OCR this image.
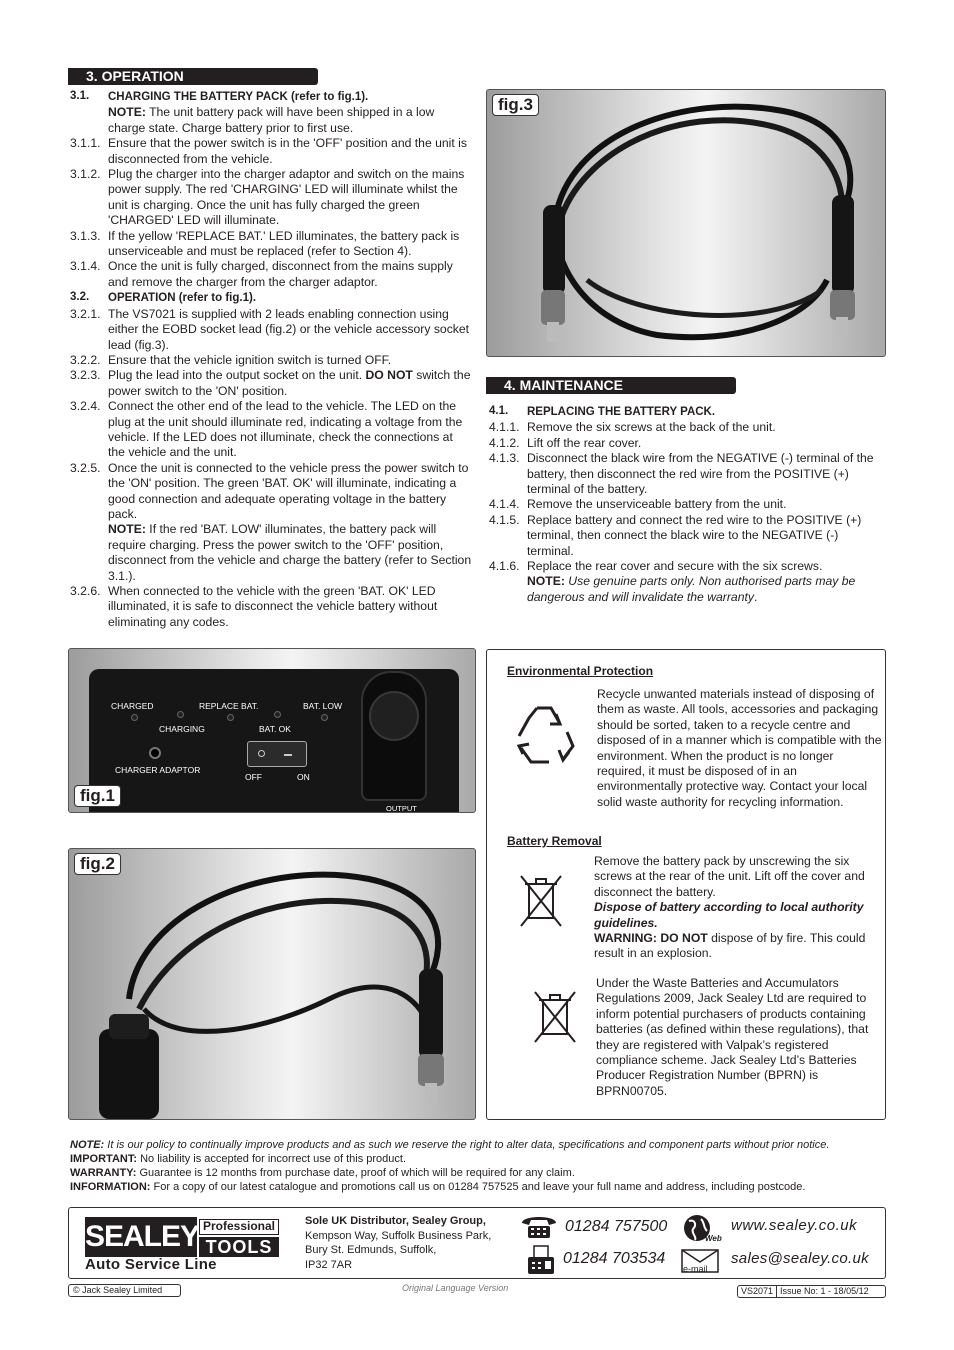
3. OPERATION
3.1. CHARGING THE BATTERY PACK (refer to fig.1).
NOTE: The unit battery pack will have been shipped in a low charge state. Charge battery prior to first use.
3.1.1. Ensure that the power switch is in the 'OFF' position and the unit is disconnected from the vehicle.
3.1.2. Plug the charger into the charger adaptor and switch on the mains power supply. The red 'CHARGING' LED will illuminate whilst the unit is charging. Once the unit has fully charged the green 'CHARGED' LED will illuminate.
3.1.3. If the yellow 'REPLACE BAT.' LED illuminates, the battery pack is unserviceable and must be replaced (refer to Section 4).
3.1.4. Once the unit is fully charged, disconnect from the mains supply and remove the charger from the charger adaptor.
3.2. OPERATION (refer to fig.1).
3.2.1. The VS7021 is supplied with 2 leads enabling connection using either the EOBD socket lead (fig.2) or the vehicle accessory socket lead (fig.3).
3.2.2. Ensure that the vehicle ignition switch is turned OFF.
3.2.3. Plug the lead into the output socket on the unit. DO NOT switch the power switch to the 'ON' position.
3.2.4. Connect the other end of the lead to the vehicle. The LED on the plug at the unit should illuminate red, indicating a voltage from the vehicle. If the LED does not illuminate, check the connections at the vehicle and the unit.
3.2.5. Once the unit is connected to the vehicle press the power switch to the 'ON' position. The green 'BAT. OK' will illuminate, indicating a good connection and adequate operating voltage in the battery pack.
NOTE: If the red 'BAT. LOW' illuminates, the battery pack will require charging. Press the power switch to the 'OFF' position, disconnect from the vehicle and charge the battery (refer to Section 3.1.).
3.2.6. When connected to the vehicle with the green 'BAT. OK' LED illuminated, it is safe to disconnect the vehicle battery without eliminating any codes.
fig.3
4. MAINTENANCE
4.1. REPLACING THE BATTERY PACK.
4.1.1. Remove the six screws at the back of the unit.
4.1.2. Lift off the rear cover.
4.1.3. Disconnect the black wire from the NEGATIVE (-) terminal of the battery, then disconnect the red wire from the POSITIVE (+) terminal of the battery.
4.1.4. Remove the unserviceable battery from the unit.
4.1.5. Replace battery and connect the red wire to the POSITIVE (+) terminal, then connect the black wire to the NEGATIVE (-) terminal.
4.1.6. Replace the rear cover and secure with the six screws.
NOTE: Use genuine parts only. Non authorised parts may be dangerous and will invalidate the warranty.
CHARGED
CHARGING
REPLACE BAT.
BAT. OK
BAT. LOW
CHARGER ADAPTOR
OFF	ON
OUTPUT
fig.1
fig.2
Environmental Protection
Recycle unwanted materials instead of disposing of them as waste. All tools, accessories and packaging should be sorted, taken to a recycle centre and disposed of in a manner which is compatible with the environment. When the product is no longer required, it must be disposed of in an environmentally protective way. Contact your local solid waste authority for recycling information.
Battery Removal
Remove the battery pack by unscrewing the six screws at the rear of the unit. Lift off the cover and disconnect the battery.
Dispose of battery according to local authority guidelines.
WARNING: DO NOT dispose of by fire. This could result in an explosion.
Under the Waste Batteries and Accumulators Regulations 2009, Jack Sealey Ltd are required to inform potential purchasers of products containing batteries (as defined within these regulations), that they are registered with Valpak’s registered compliance scheme. Jack Sealey Ltd’s Batteries Producer Registration Number (BPRN) is BPRN00705.
NOTE: It is our policy to continually improve products and as such we reserve the right to alter data, specifications and component parts without prior notice.
IMPORTANT: No liability is accepted for incorrect use of this product.
WARRANTY: Guarantee is 12 months from purchase date, proof of which will be required for any claim.
INFORMATION: For a copy of our latest catalogue and promotions call us on 01284 757525 and leave your full name and address, including postcode.
SEALEY Professional
TOOLS
Auto Service Line
Sole UK Distributor, Sealey Group,
Kempson Way, Suffolk Business Park,
Bury St. Edmunds, Suffolk,
IP32 7AR
01284 757500
01284 703534
Web
www.sealey.co.uk
e-mail
sales@sealey.co.uk
© Jack Sealey Limited	Original Language Version	VS2071 Issue No: 1 - 18/05/12
